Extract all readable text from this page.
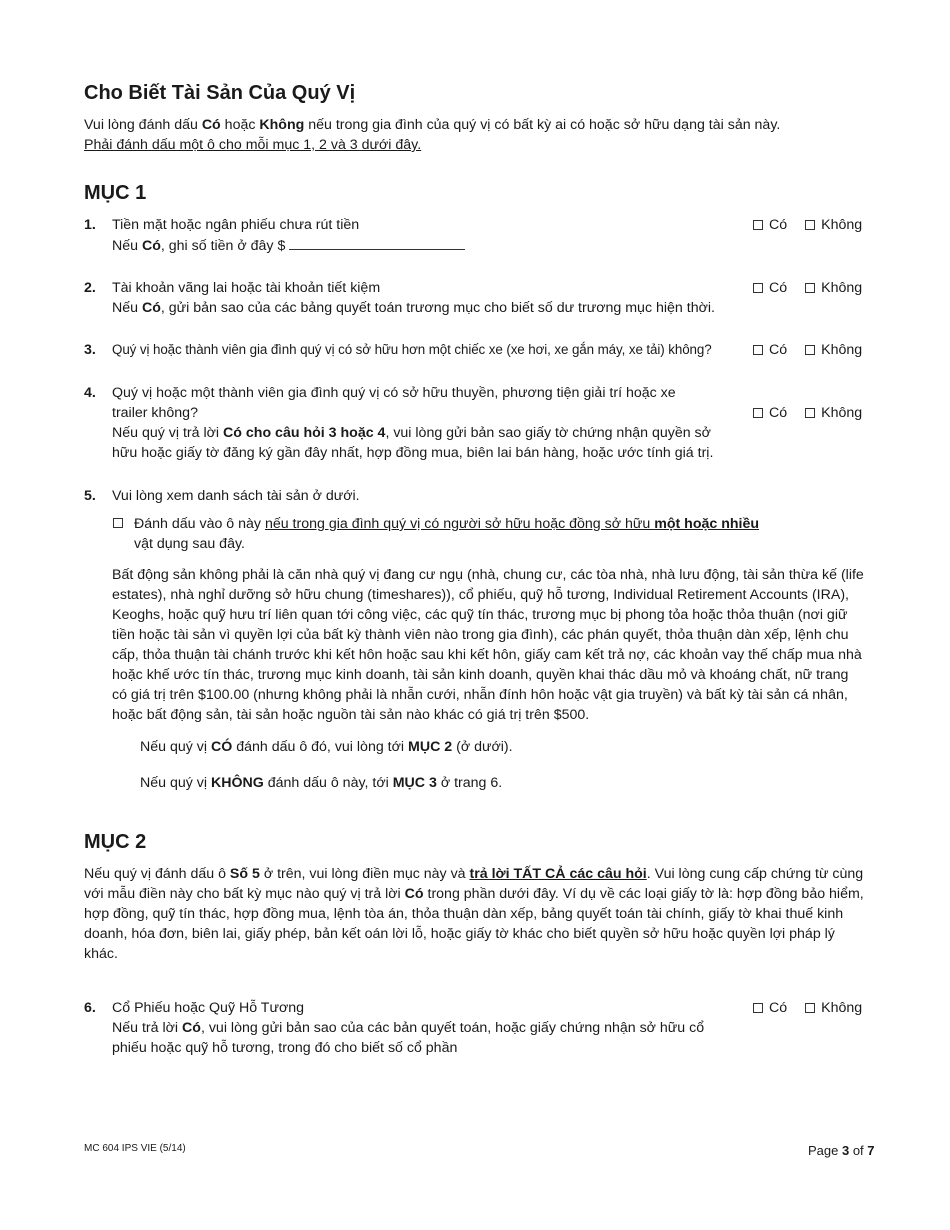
Cho Biết Tài Sản Của Quý Vị
Vui lòng đánh dấu Có hoặc Không nếu trong gia đình của quý vị có bất kỳ ai có hoặc sở hữu dạng tài sản này.
Phải đánh dấu một ô cho mỗi mục 1, 2 và 3 dưới đây.
MỤC 1
1. Tiền mặt hoặc ngân phiếu chưa rút tiền
Nếu Có, ghi số tiền ở đây $
Có Không
2. Tài khoản vãng lai hoặc tài khoản tiết kiệm
Nếu Có, gửi bản sao của các bảng quyết toán trương mục cho biết số dư trương mục hiện thời.
Có Không
3. Quý vị hoặc thành viên gia đình quý vị có sở hữu hơn một chiếc xe (xe hơi, xe gắn máy, xe tải) không?	Có Không
4. Quý vị hoặc một thành viên gia đình quý vị có sở hữu thuyền, phương tiện giải trí hoặc xe
trailer không?
Nếu quý vị trả lời Có cho câu hỏi 3 hoặc 4, vui lòng gửi bản sao giấy tờ chứng nhận quyền sở
hữu hoặc giấy tờ đăng ký gần đây nhất, hợp đồng mua, biên lai bán hàng, hoặc ước tính giá trị.
Có Không
5. Vui lòng xem danh sách tài sản ở dưới.
Đánh dấu vào ô này nếu trong gia đình quý vị có người sở hữu hoặc đồng sở hữu một hoặc nhiều
vật dụng sau đây.
Bất động sản không phải là căn nhà quý vị đang cư ngụ (nhà, chung cư, các tòa nhà, nhà lưu động, tài sản thừa kế (life estates), nhà nghỉ dưỡng sở hữu chung (timeshares)), cổ phiếu, quỹ hỗ tương, Individual Retirement Accounts (IRA), Keoghs, hoặc quỹ hưu trí liên quan tới công việc, các quỹ tín thác, trương mục bị phong tỏa hoặc thỏa thuận (nơi giữ tiền hoặc tài sản vì quyền lợi của bất kỳ thành viên nào trong gia đình), các phán quyết, thỏa thuận dàn xếp, lệnh chu cấp, thỏa thuận tài chánh trước khi kết hôn hoặc sau khi kết hôn, giấy cam kết trả nợ, các khoản vay thế chấp mua nhà hoặc khế ước tín thác, trương mục kinh doanh, tài sản kinh doanh, quyền khai thác dầu mỏ và khoáng chất, nữ trang có giá trị trên $100.00 (nhưng không phải là nhẫn cưới, nhẫn đính hôn hoặc vật gia truyền) và bất kỳ tài sản cá nhân, hoặc bất động sản, tài sản hoặc nguồn tài sản nào khác có giá trị trên $500.
Nếu quý vị CÓ đánh dấu ô đó, vui lòng tới MỤC 2 (ở dưới).
Nếu quý vị KHÔNG đánh dấu ô này, tới MỤC 3 ở trang 6.
MỤC 2
Nếu quý vị đánh dấu ô Số 5 ở trên, vui lòng điền mục này và trả lời TẤT CẢ các câu hỏi. Vui lòng cung cấp chứng từ cùng với mẫu điền này cho bất kỳ mục nào quý vị trả lời Có trong phần dưới đây. Ví dụ về các loại giấy tờ là: hợp đồng bảo hiểm, hợp đồng, quỹ tín thác, hợp đồng mua, lệnh tòa án, thỏa thuận dàn xếp, bảng quyết toán tài chính, giấy tờ khai thuế kinh doanh, hóa đơn, biên lai, giấy phép, bản kết oán lời lỗ, hoặc giấy tờ khác cho biết quyền sở hữu hoặc quyền lợi pháp lý khác.
6. Cổ Phiếu hoặc Quỹ Hỗ Tương
Nếu trả lời Có, vui lòng gửi bản sao của các bản quyết toán, hoặc giấy chứng nhận sở hữu cổ
phiếu hoặc quỹ hỗ tương, trong đó cho biết số cổ phần
Có Không
MC 604 IPS VIE (5/14)	Page 3 of 7
